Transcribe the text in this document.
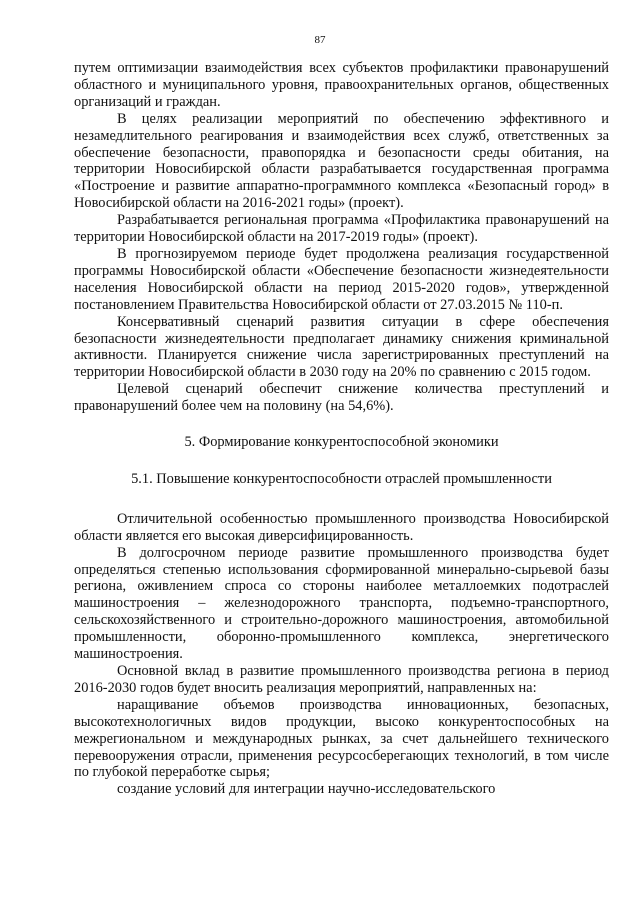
87

путем оптимизации взаимодействия всех субъектов профилактики правонарушений областного и муниципального уровня, правоохранительных органов, общественных организаций и граждан.

В целях реализации мероприятий по обеспечению эффективного и незамедлительного реагирования и взаимодействия всех служб, ответственных за обеспечение безопасности, правопорядка и безопасности среды обитания, на территории Новосибирской области разрабатывается государственная программа «Построение и развитие аппаратно-программного комплекса «Безопасный город» в Новосибирской области на 2016-2021 годы» (проект).

Разрабатывается региональная программа «Профилактика правонарушений на территории Новосибирской области на 2017-2019 годы» (проект).

В прогнозируемом периоде будет продолжена реализация государственной программы Новосибирской области «Обеспечение безопасности жизнедеятельности населения Новосибирской области на период 2015-2020 годов», утвержденной постановлением Правительства Новосибирской области от 27.03.2015 № 110-п.

Консервативный сценарий развития ситуации в сфере обеспечения безопасности жизнедеятельности предполагает динамику снижения криминальной активности. Планируется снижение числа зарегистрированных преступлений на территории Новосибирской области в 2030 году на 20% по сравнению с 2015 годом.

Целевой сценарий обеспечит снижение количества преступлений и правонарушений более чем на половину (на 54,6%).

5. Формирование конкурентоспособной экономики
5.1. Повышение конкурентоспособности отраслей промышленности

Отличительной особенностью промышленного производства Новосибирской области является его высокая диверсифицированность.

В долгосрочном периоде развитие промышленного производства будет определяться степенью использования сформированной минерально-сырьевой базы региона, оживлением спроса со стороны наиболее металлоемких подотраслей машиностроения – железнодорожного транспорта, подъемно-транспортного, сельскохозяйственного и строительно-дорожного машиностроения, автомобильной промышленности, оборонно-промышленного комплекса, энергетического машиностроения.

Основной вклад в развитие промышленного производства региона в период 2016-2030 годов будет вносить реализация мероприятий, направленных на:

наращивание объемов производства инновационных, безопасных, высокотехнологичных видов продукции, высоко конкурентоспособных на межрегиональном и международных рынках, за счет дальнейшего технического перевооружения отрасли, применения ресурсосберегающих технологий, в том числе по глубокой переработке сырья;

создание условий для интеграции научно-исследовательского
